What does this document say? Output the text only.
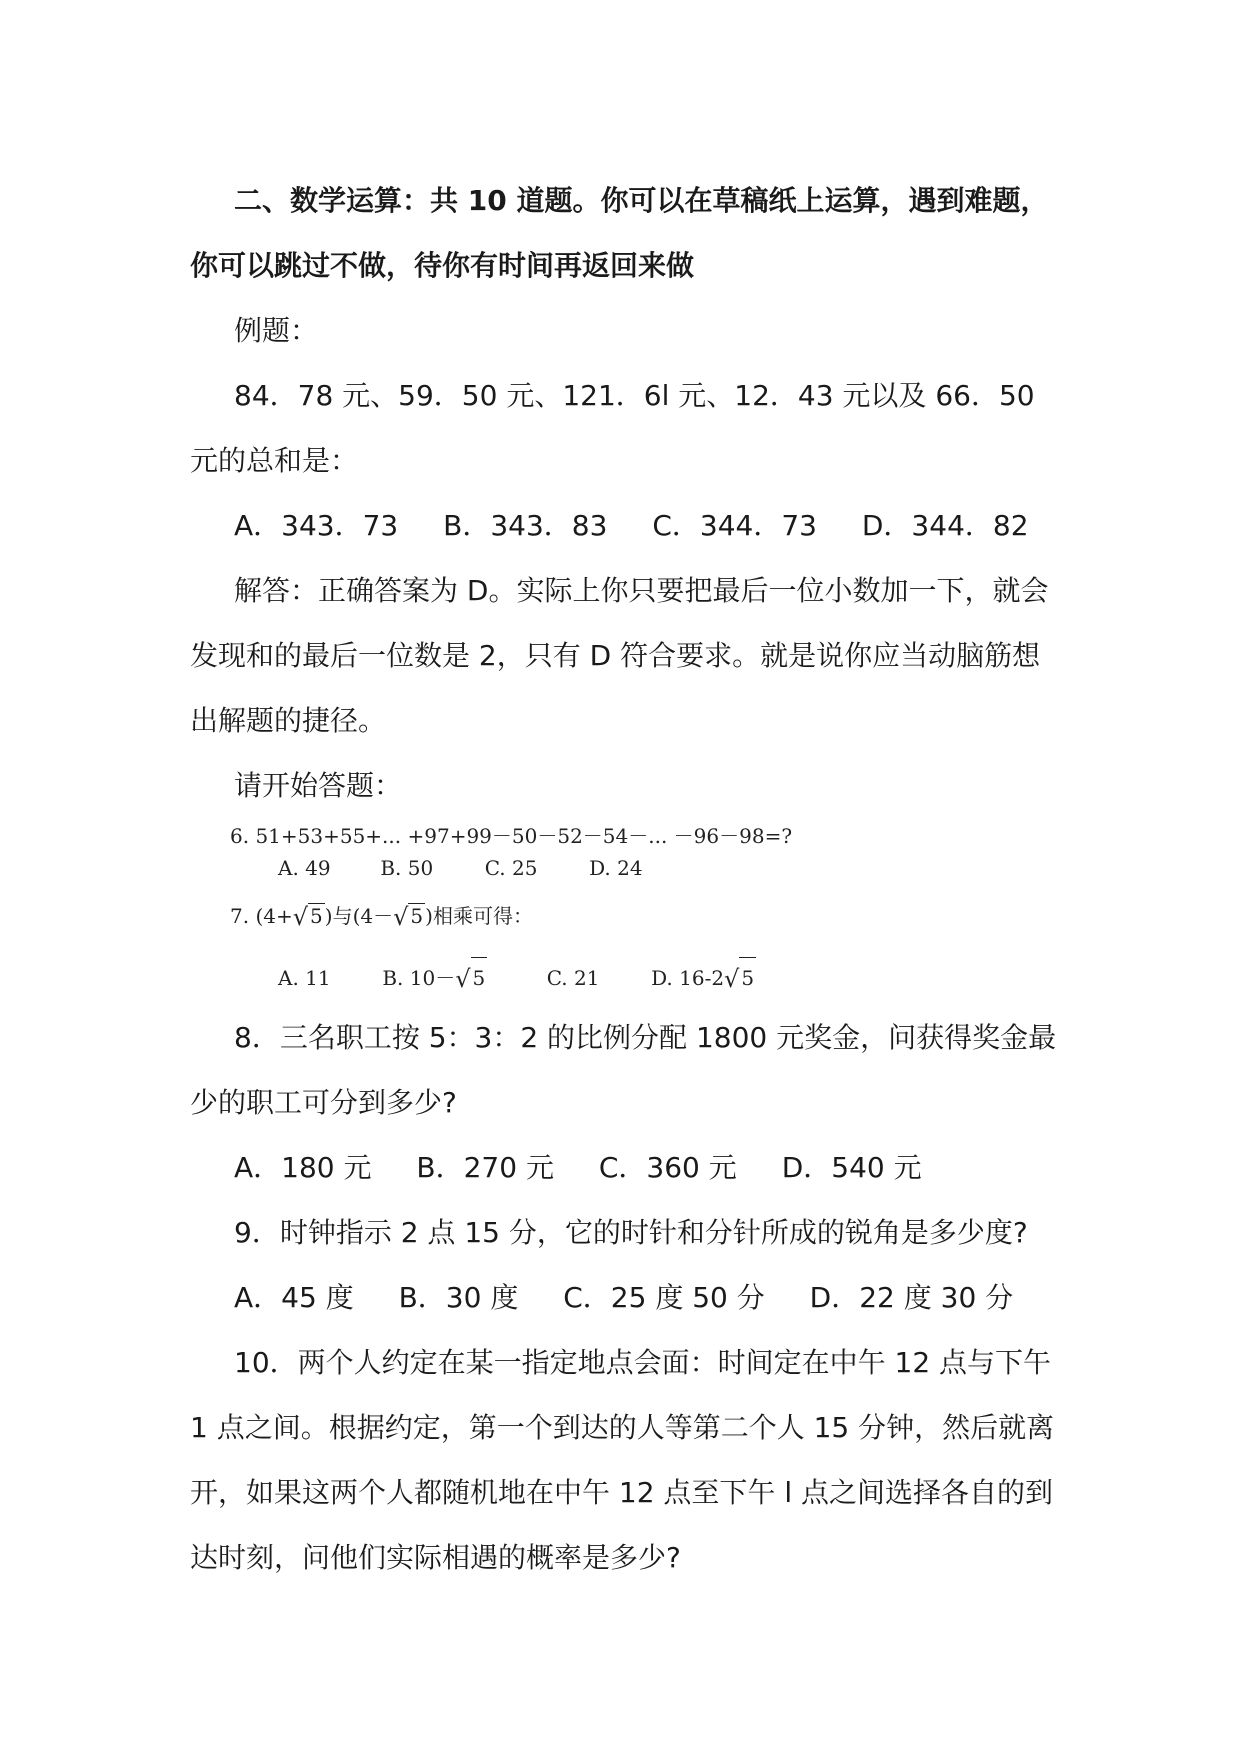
二、数学运算：共 10 道题。你可以在草稿纸上运算，遇到难题，

你可以跳过不做，待你有时间再返回来做

例题：

84．78 元、59．50 元、121．6l 元、12．43 元以及 66．50

元的总和是：

A．343．73 B．343．83 C．344．73 D．344．82

解答：正确答案为 D。实际上你只要把最后一位小数加一下，就会

发现和的最后一位数是 2，只有 D 符合要求。就是说你应当动脑筋想

出解题的捷径。

请开始答题：

6. 51+53+55+... +97+99－50－52－54－... －96－98=?
A. 49 B. 50	C. 25	D. 24
7. (4+√ 5 )与(4－√ 5 )相乘可得：
A. 11	B. 10－√ 5	C. 21	D. 16-2√ 5

8．三名职工按 5：3：2 的比例分配 1800 元奖金，问获得奖金最

少的职工可分到多少?

A．180 元 B．270 元 C．360 元 D．540 元

9．时钟指示 2 点 15 分，它的时针和分针所成的锐角是多少度?

A．45 度 B．30 度 C．25 度 50 分 D．22 度 30 分

10．两个人约定在某一指定地点会面：时间定在中午 12 点与下午

1 点之间。根据约定，第一个到达的人等第二个人 15 分钟，然后就离

开，如果这两个人都随机地在中午 12 点至下午 l 点之间选择各自的到

达时刻，问他们实际相遇的概率是多少?
